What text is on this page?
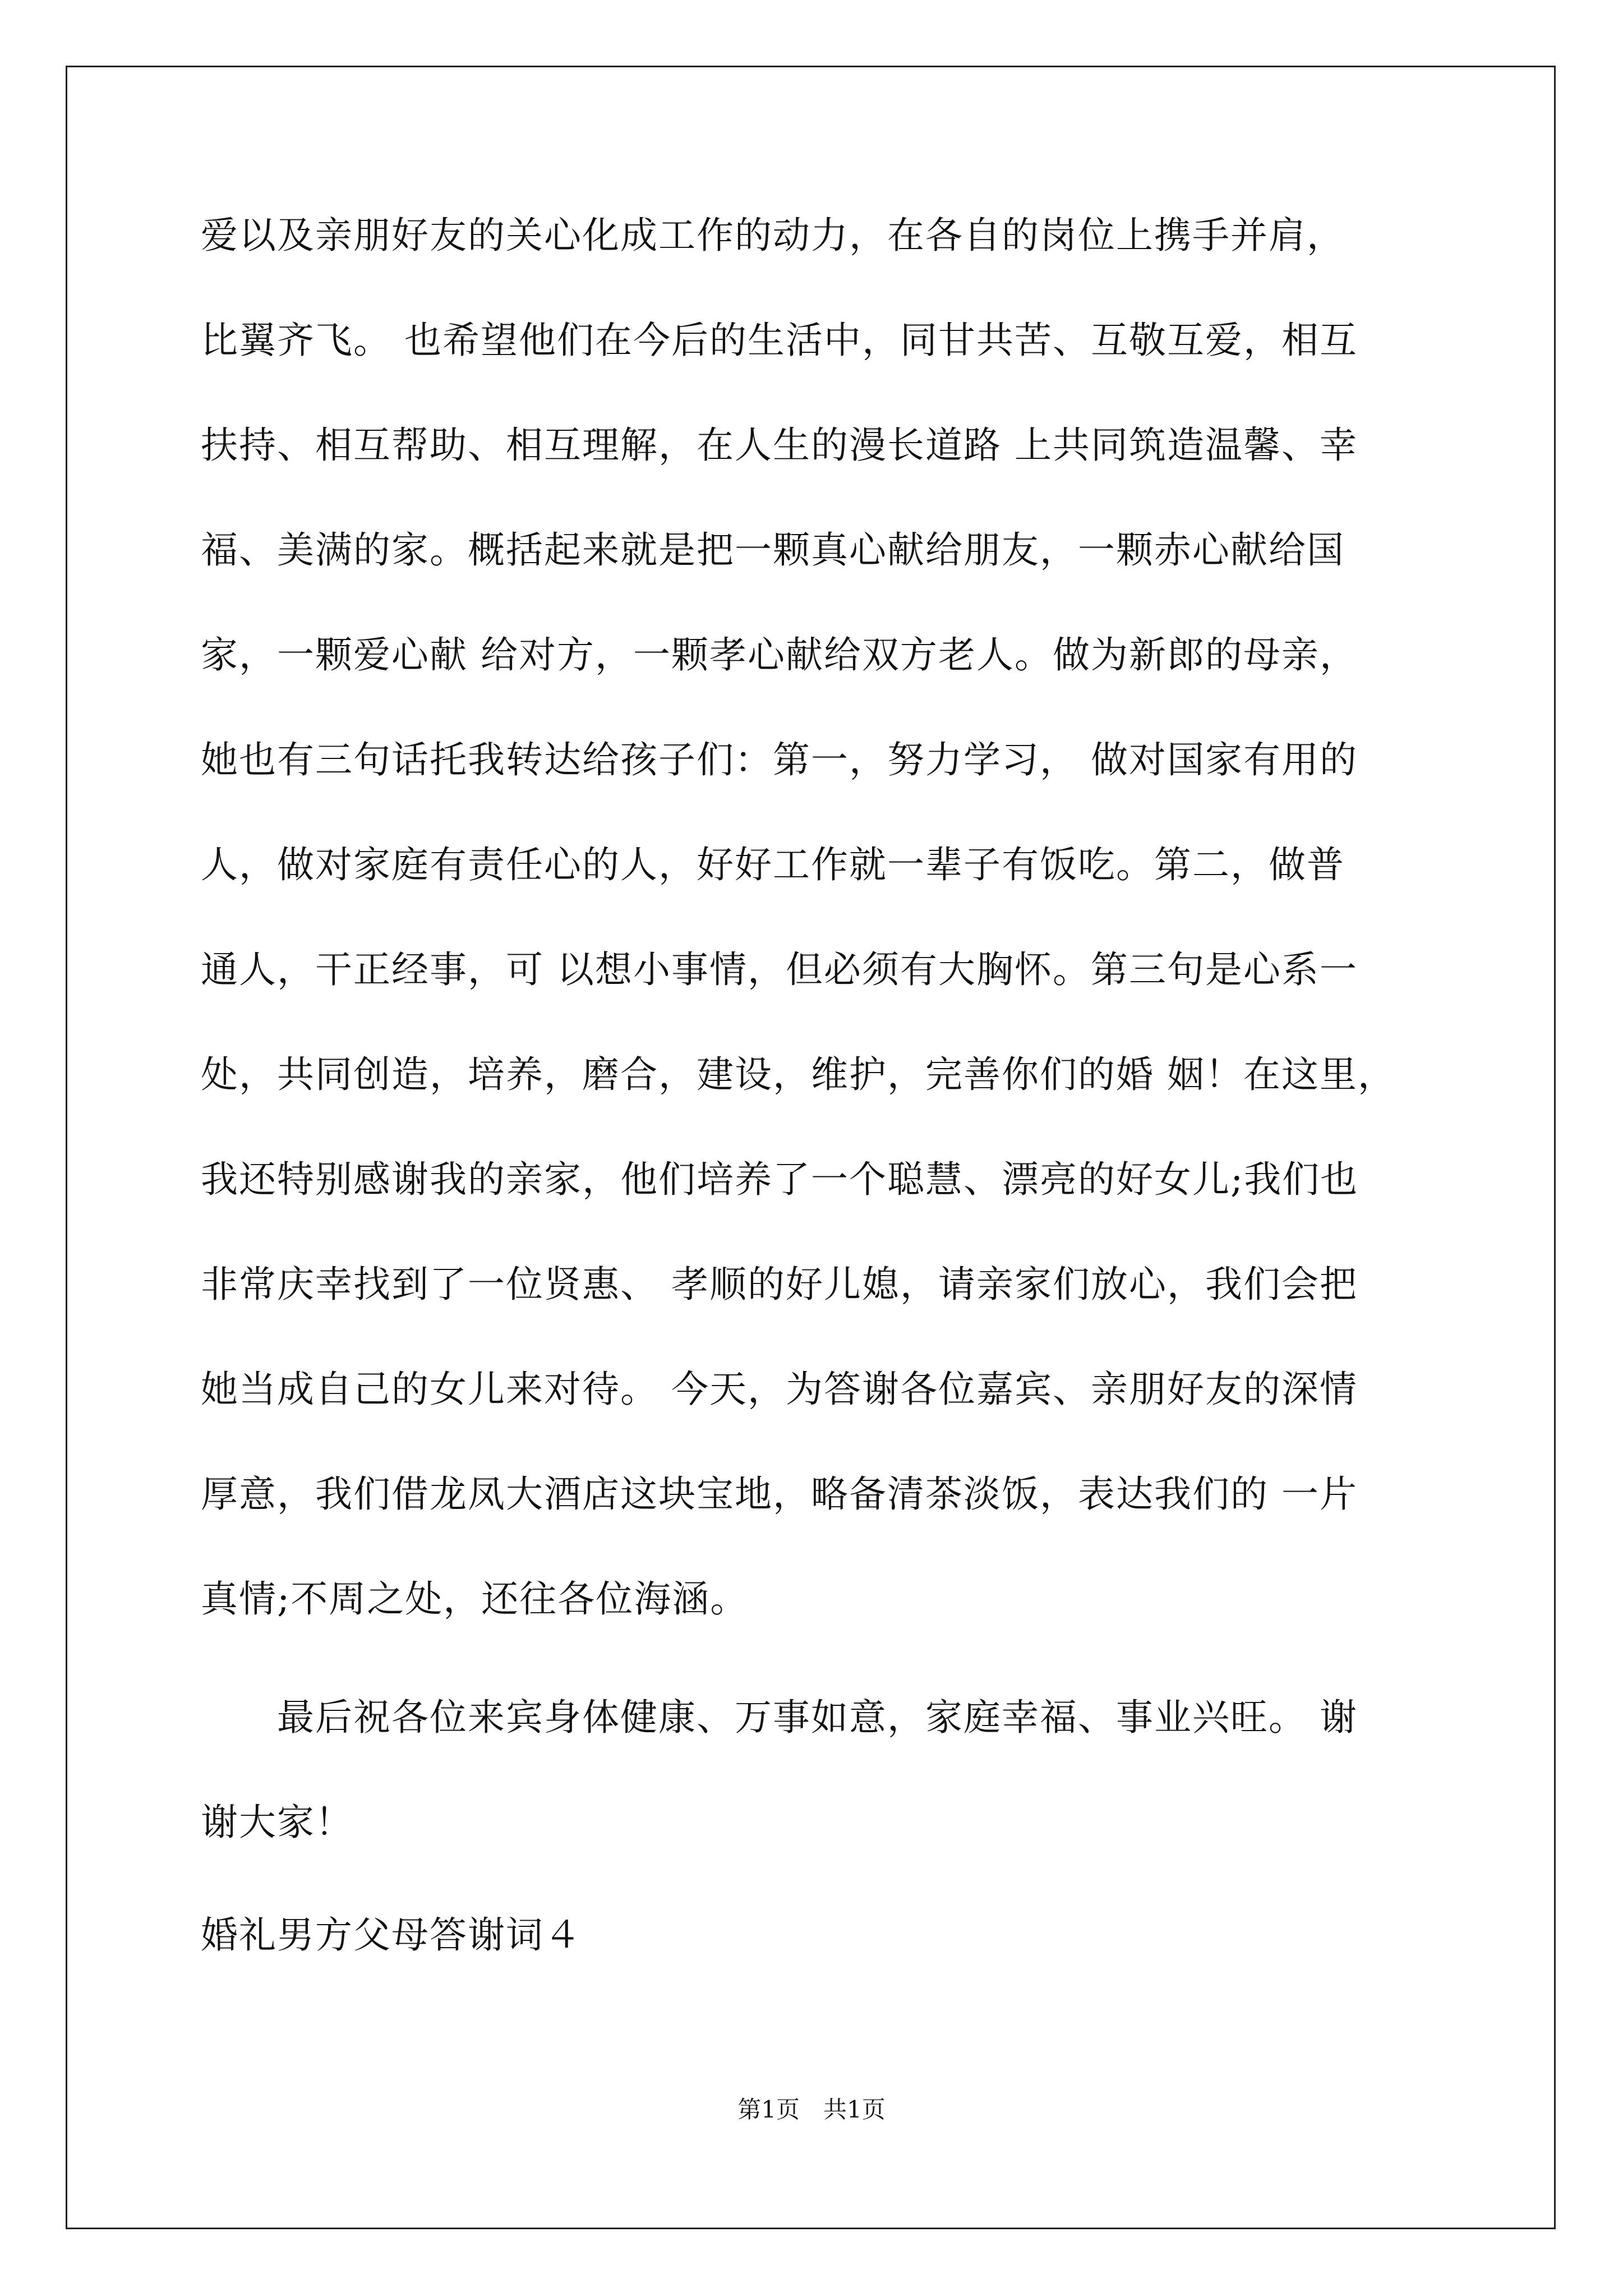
爱以及亲朋好友的关心化成工作的动力，在各自的岗位上携手并肩，

比翼齐飞。 也希望他们在今后的生活中，同甘共苦、互敬互爱，相互

扶持、相互帮助、相互理解，在人生的漫长道路 上共同筑造温馨、幸

福、美满的家。概括起来就是把一颗真心献给朋友，一颗赤心献给国

家，一颗爱心献 给对方，一颗孝心献给双方老人。做为新郎的母亲，

她也有三句话托我转达给孩子们：第一，努力学习， 做对国家有用的

人，做对家庭有责任心的人，好好工作就一辈子有饭吃。第二，做普

通人，干正经事，可 以想小事情，但必须有大胸怀。第三句是心系一

处，共同创造，培养，磨合，建设，维护，完善你们的婚 姻！在这里，

我还特别感谢我的亲家，他们培养了一个聪慧、漂亮的好女儿;我们也

非常庆幸找到了一位贤惠、 孝顺的好儿媳，请亲家们放心，我们会把

她当成自己的女儿来对待。 今天，为答谢各位嘉宾、亲朋好友的深情

厚意，我们借龙凤大酒店这块宝地，略备清茶淡饭，表达我们的 一片

真情;不周之处，还往各位海涵。

　　最后祝各位来宾身体健康、万事如意，家庭幸福、事业兴旺。 谢

谢大家！

婚礼男方父母答谢词４

第1页　共1页
